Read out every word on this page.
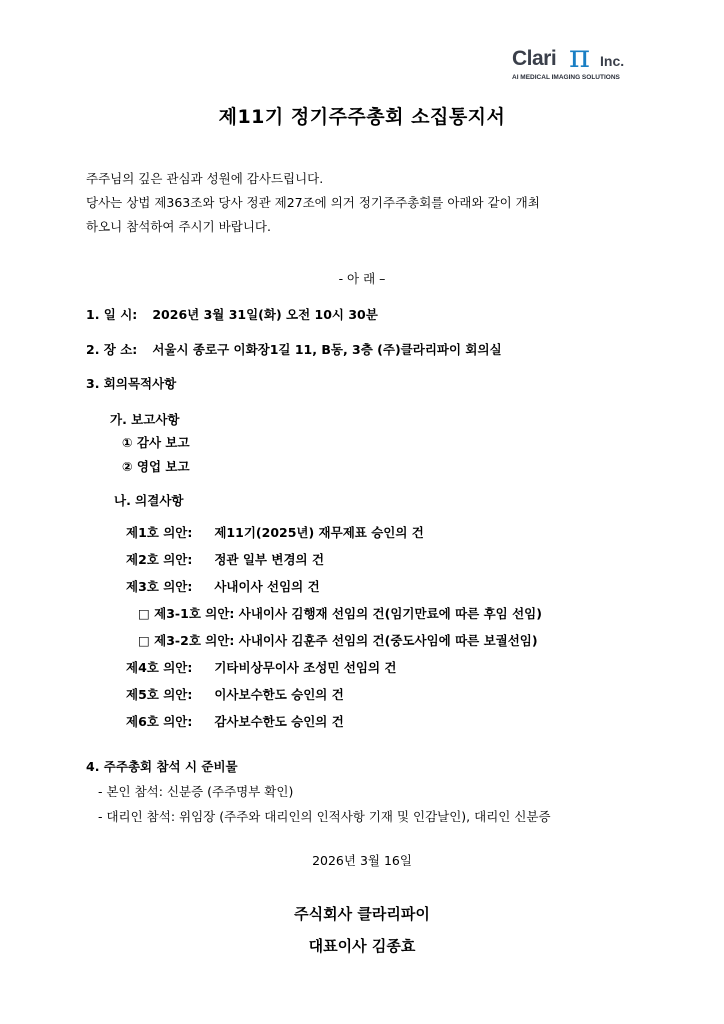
Clari π Inc.
AI MEDICAL IMAGING SOLUTIONS
제11기 정기주주총회 소집통지서
주주님의 깊은 관심과 성원에 감사드립니다.
당사는 상법 제363조와 당사 정관 제27조에 의거 정기주주총회를 아래와 같이 개최
하오니 참석하여 주시기 바랍니다.
- 아 래 –
1. 일 시: 2026년 3월 31일(화) 오전 10시 30분
2. 장 소: 서울시 종로구 이화장1길 11, B동, 3층 (주)클라리파이 회의실
3. 회의목적사항
가. 보고사항
① 감사 보고
② 영업 보고
나. 의결사항
제1호 의안: 제11기(2025년) 재무제표 승인의 건
제2호 의안: 정관 일부 변경의 건
제3호 의안: 사내이사 선임의 건
□ 제3-1호 의안: 사내이사 김행재 선임의 건(임기만료에 따른 후임 선임)
□ 제3-2호 의안: 사내이사 김훈주 선임의 건(중도사임에 따른 보궐선임)
제4호 의안: 기타비상무이사 조성민 선임의 건
제5호 의안: 이사보수한도 승인의 건
제6호 의안: 감사보수한도 승인의 건
4. 주주총회 참석 시 준비물
- 본인 참석: 신분증 (주주명부 확인)
- 대리인 참석: 위임장 (주주와 대리인의 인적사항 기재 및 인감날인), 대리인 신분증
2026년 3월 16일
주식회사 클라리파이
대표이사 김종효
